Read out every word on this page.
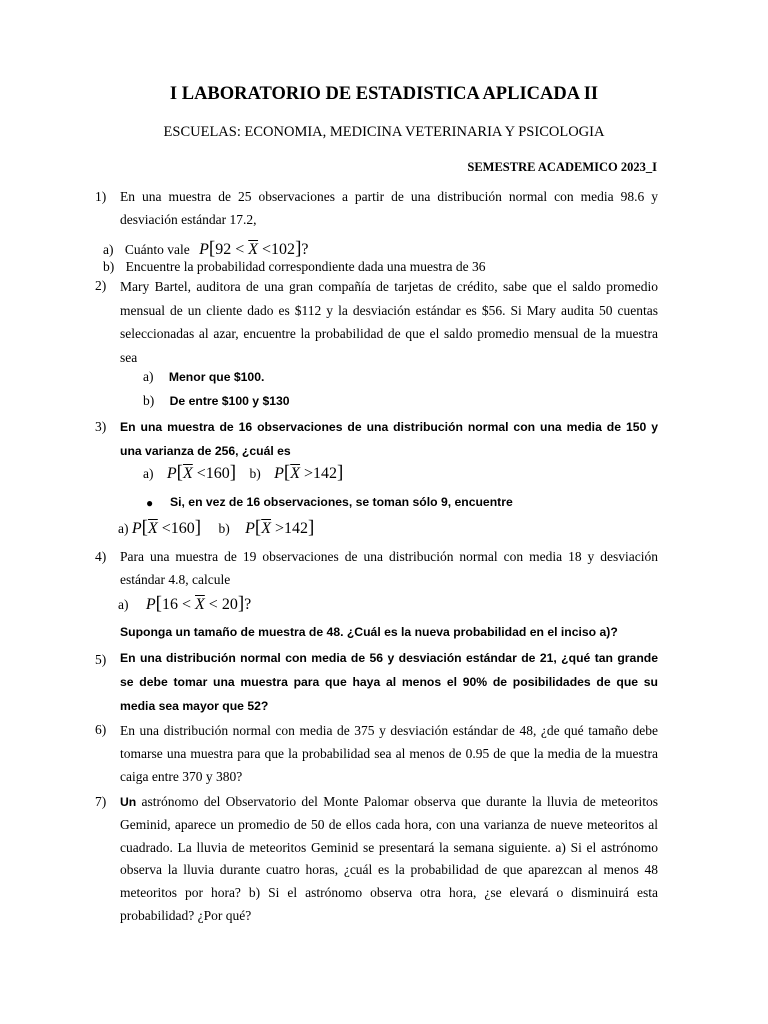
I LABORATORIO DE ESTADISTICA APLICADA II
ESCUELAS: ECONOMIA, MEDICINA VETERINARIA Y PSICOLOGIA
SEMESTRE ACADEMICO 2023_I
1) En una muestra de 25 observaciones a partir de una distribución normal con media 98.6 y desviación estándar 17.2,
a) Cuánto vale $P[92 < \overline{X} <102]$?
b) Encuentre la probabilidad correspondiente dada una muestra de 36
2) Mary Bartel, auditora de una gran compañía de tarjetas de crédito, sabe que el saldo promedio mensual de un cliente dado es $112 y la desviación estándar es $56. Si Mary audita 50 cuentas seleccionadas al azar, encuentre la probabilidad de que el saldo promedio mensual de la muestra sea
a) Menor que $100.
b) De entre $100 y $130
3) En una muestra de 16 observaciones de una distribución normal con una media de 150 y una varianza de 256, ¿cuál es
a) $P[\overline{X} <160]$ b) $P[\overline{X} >142]$
● Si, en vez de 16 observaciones, se toman sólo 9, encuentre
a) $P[\overline{X} <160]$ b) $P[\overline{X} >142]$
4) Para una muestra de 19 observaciones de una distribución normal con media 18 y desviación estándar 4.8, calcule
a) $P[16 < \overline{X} < 20]$?
Suponga un tamaño de muestra de 48. ¿Cuál es la nueva probabilidad en el inciso a)?
5) En una distribución normal con media de 56 y desviación estándar de 21, ¿qué tan grande se debe tomar una muestra para que haya al menos el 90% de posibilidades de que su media sea mayor que 52?
6) En una distribución normal con media de 375 y desviación estándar de 48, ¿de qué tamaño debe tomarse una muestra para que la probabilidad sea al menos de 0.95 de que la media de la muestra caiga entre 370 y 380?
7) Un astrónomo del Observatorio del Monte Palomar observa que durante la lluvia de meteoritos Geminid, aparece un promedio de 50 de ellos cada hora, con una varianza de nueve meteoritos al cuadrado. La lluvia de meteoritos Geminid se presentará la semana siguiente. a) Si el astrónomo observa la lluvia durante cuatro horas, ¿cuál es la probabilidad de que aparezcan al menos 48 meteoritos por hora? b) Si el astrónomo observa otra hora, ¿se elevará o disminuirá esta probabilidad? ¿Por qué?
